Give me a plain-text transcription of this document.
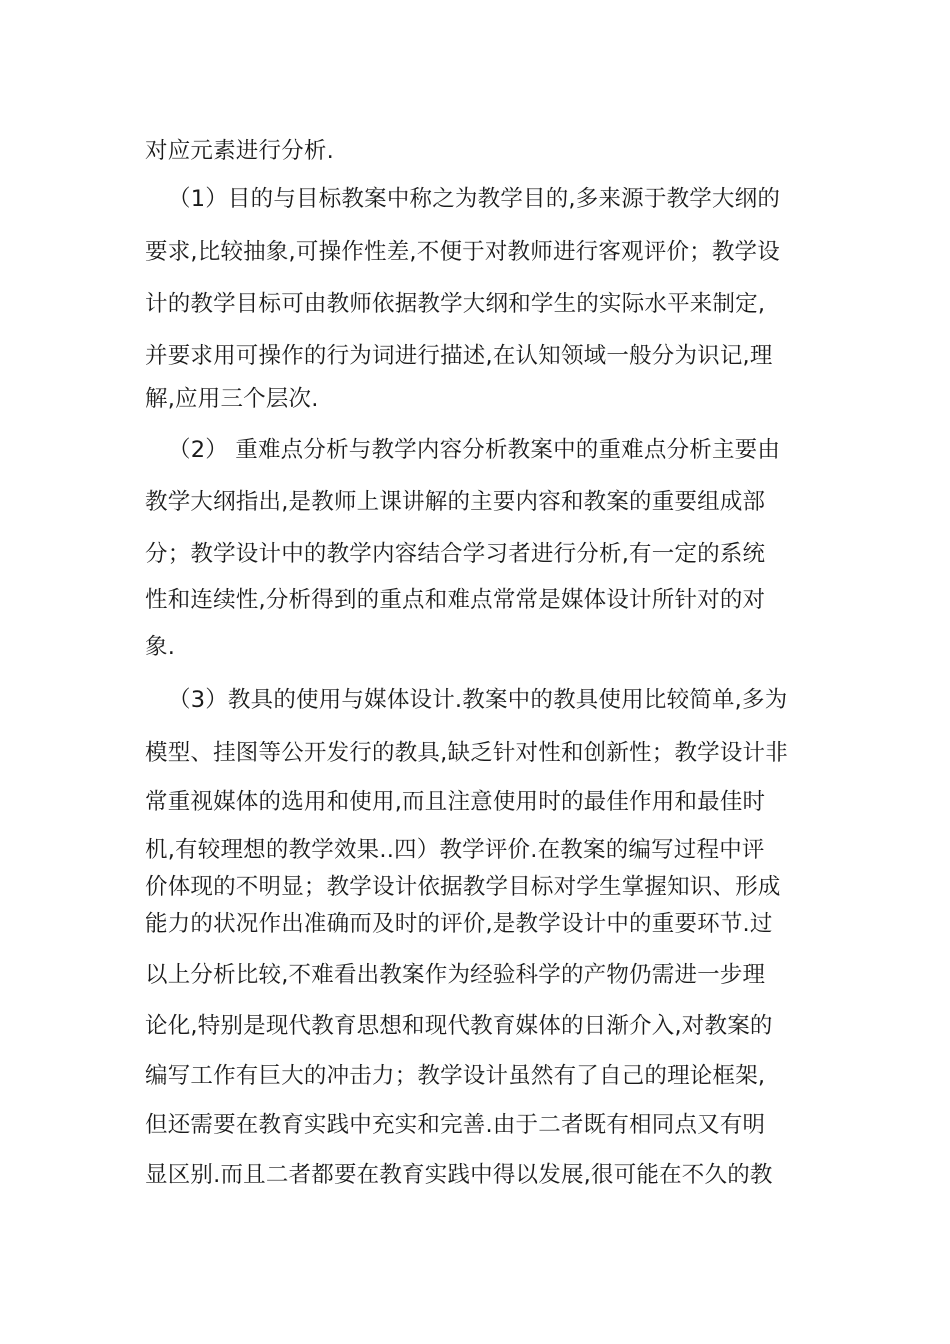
对应元素进行分析.
（1）目的与目标教案中称之为教学目的,多来源于教学大纲的
要求,比较抽象,可操作性差,不便于对教师进行客观评价；教学设
计的教学目标可由教师依据教学大纲和学生的实际水平来制定,
并要求用可操作的行为词进行描述,在认知领域一般分为识记,理
解,应用三个层次.
（2） 重难点分析与教学内容分析教案中的重难点分析主要由
教学大纲指出,是教师上课讲解的主要内容和教案的重要组成部
分；教学设计中的教学内容结合学习者进行分析,有一定的系统
性和连续性,分析得到的重点和难点常常是媒体设计所针对的对
象.
（3）教具的使用与媒体设计.教案中的教具使用比较简单,多为
模型、挂图等公开发行的教具,缺乏针对性和创新性；教学设计非
常重视媒体的选用和使用,而且注意使用时的最佳作用和最佳时
机,有较理想的教学效果..四）教学评价.在教案的编写过程中评
价体现的不明显；教学设计依据教学目标对学生掌握知识、形成
能力的状况作出准确而及时的评价,是教学设计中的重要环节.过
以上分析比较,不难看出教案作为经验科学的产物仍需进一步理
论化,特别是现代教育思想和现代教育媒体的日渐介入,对教案的
编写工作有巨大的冲击力；教学设计虽然有了自己的理论框架,
但还需要在教育实践中充实和完善.由于二者既有相同点又有明
显区别.而且二者都要在教育实践中得以发展,很可能在不久的教
